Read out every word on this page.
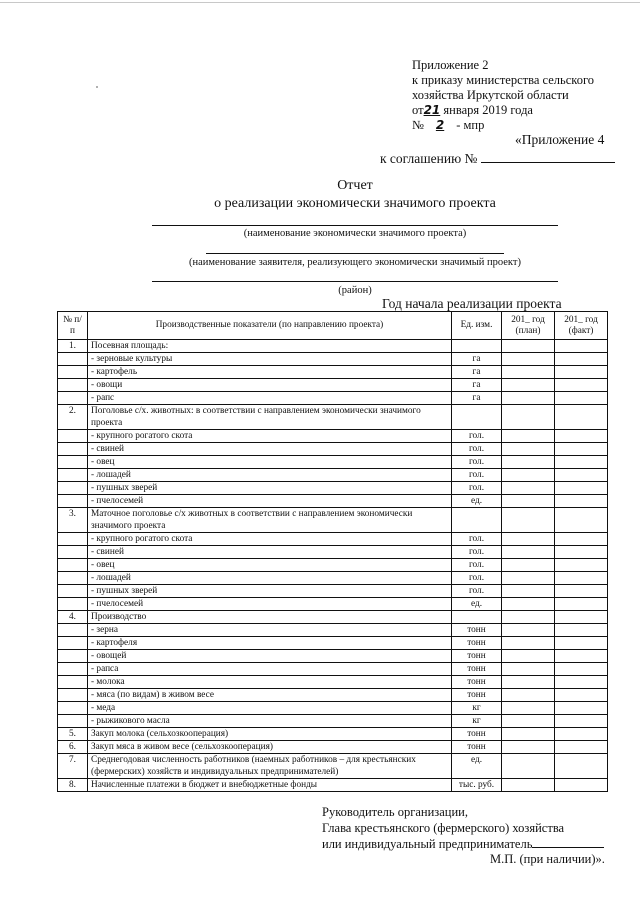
Приложение 2
к приказу министерства сельского
хозяйства Иркутской области
от21 января 2019 года
№ 2 - мпр
«Приложение 4
к соглашению №
Отчет
о реализации экономически значимого проекта
(наименование экономически значимого проекта)
(наименование заявителя, реализующего экономически значимый проект)
(район)
Год начала реализации проекта
№ п/п	Производственные показатели (по направлению проекта)	Ед. изм.	201_ год (план)	201_ год (факт)
1.	Посевная площадь:			
	- зерновые культуры	га		
	- картофель	га		
	- овощи	га		
	- рапс	га		
2.	Поголовье с/х. животных: в соответствии с направлением экономически значимого проекта			
	- крупного рогатого скота	гол.		
	- свиней	гол.		
	- овец	гол.		
	- лошадей	гол.		
	- пушных зверей	гол.		
	- пчелосемей	ед.		
3.	Маточное поголовье с/х животных в соответствии с направлением экономически значимого проекта			
	- крупного рогатого скота	гол.		
	- свиней	гол.		
	- овец	гол.		
	- лошадей	гол.		
	- пушных зверей	гол.		
	- пчелосемей	ед.		
4.	Производство			
	- зерна	тонн		
	- картофеля	тонн		
	- овощей	тонн		
	- рапса	тонн		
	- молока	тонн		
	- мяса (по видам) в живом весе	тонн		
	- меда	кг		
	- рыжикового масла	кг		
5.	Закуп молока (сельхозкооперация)	тонн		
6.	Закуп мяса в живом весе (сельхозкооперация)	тонн		
7.	Среднегодовая численность работников (наемных работников – для крестьянских (фермерских) хозяйств и индивидуальных предпринимателей)	ед.		
8.	Начисленные платежи в бюджет и внебюджетные фонды	тыс. руб.		
Руководитель организации,
Глава крестьянского (фермерского) хозяйства
или индивидуальный предприниматель
М.П. (при наличии)».
